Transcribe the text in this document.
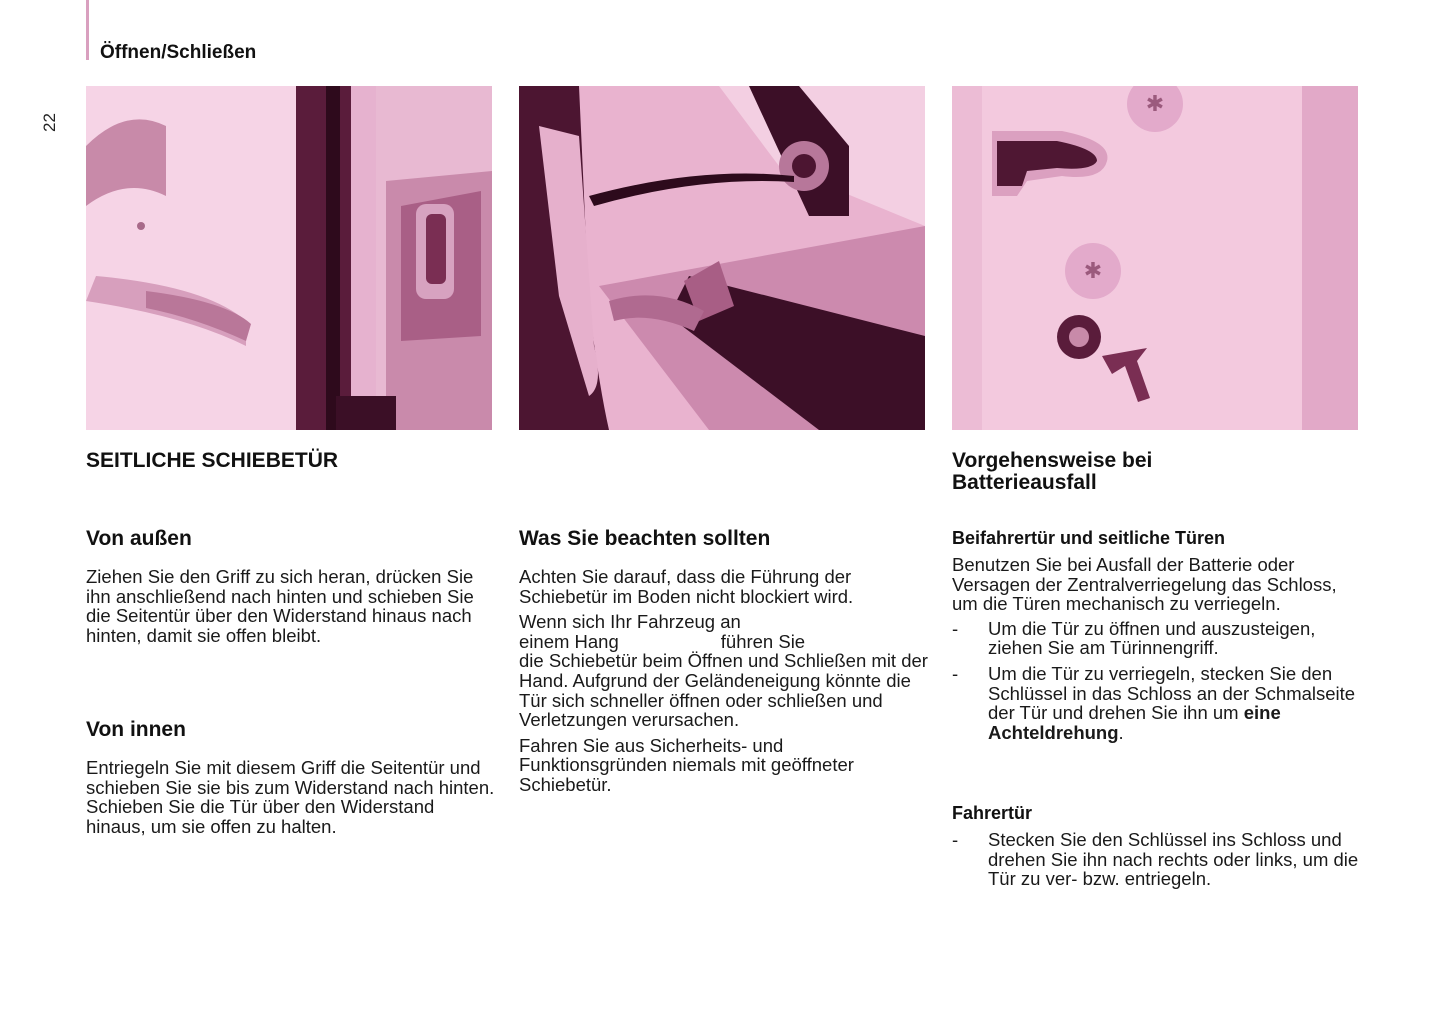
Öffnen/Schließen
22
✱
✱
SEITLICHE SCHIEBETÜR
Von außen

Ziehen Sie den Griff zu sich heran, drücken Sie ihn anschließend nach hinten und schieben Sie die Seitentür über den Widerstand hinaus nach hinten, damit sie offen bleibt.

Von innen

Entriegeln Sie mit diesem Griff die Seitentür und schieben Sie sie bis zum Widerstand nach hinten. Schieben Sie die Tür über den Widerstand hinaus, um sie offen zu halten.

Was Sie beachten sollten

Achten Sie darauf, dass die Führung der Schiebetür im Boden nicht blockiert wird.

Wenn sich Ihr Fahrzeug an
einem Hang	führen Sie
die Schiebetür beim Öffnen und Schließen mit der Hand. Aufgrund der Geländeneigung könnte die Tür sich schneller öffnen oder schließen und Verletzungen verursachen.

Fahren Sie aus Sicherheits- und Funktionsgründen niemals mit geöffneter Schiebetür.

Vorgehensweise bei
Batterieausfall
Beifahrertür und seitliche Türen

Benutzen Sie bei Ausfall der Batterie oder Versagen der Zentralverriegelung das Schloss, um die Türen mechanisch zu verriegeln.

- Um die Tür zu öffnen und auszusteigen, ziehen Sie am Türinnengriff.
- Um die Tür zu verriegeln, stecken Sie den Schlüssel in das Schloss an der Schmalseite der Tür und drehen Sie ihn um eine Achteldrehung.
Fahrertür
- Stecken Sie den Schlüssel ins Schloss und drehen Sie ihn nach rechts oder links, um die Tür zu ver- bzw. entriegeln.
